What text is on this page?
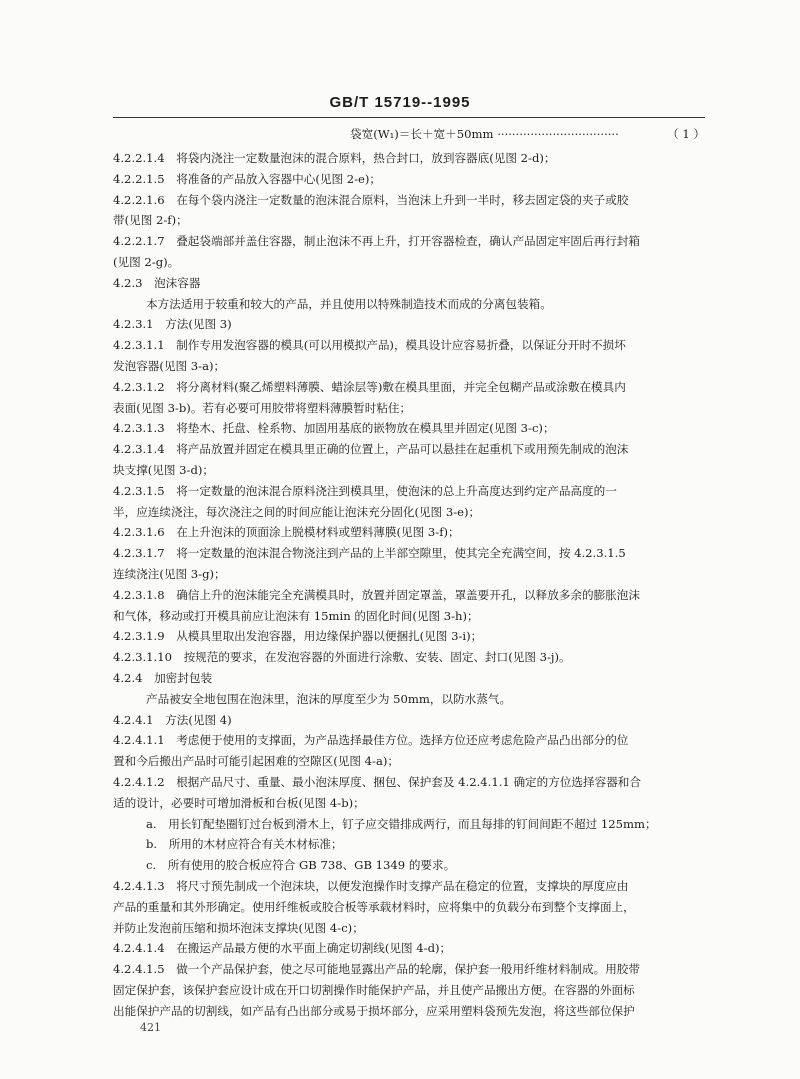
GB/T 15719--1995
袋宽(W₁)＝长＋宽＋50mm ·································	（ 1 ）
4.2.2.1.4　将袋内浇注一定数量泡沫的混合原料，热合封口，放到容器底(见图 2-d)；
4.2.2.1.5　将准备的产品放入容器中心(见图 2-e)；
4.2.2.1.6　在每个袋内浇注一定数量的泡沫混合原料，当泡沫上升到一半时，移去固定袋的夹子或胶
带(见图 2-f)；
4.2.2.1.7　叠起袋端部并盖住容器，制止泡沫不再上升，打开容器检查，确认产品固定牢固后再行封箱
(见图 2-g)。
4.2.3　泡沫容器
本方法适用于较重和较大的产品，并且使用以特殊制造技术而成的分离包装箱。
4.2.3.1　方法(见图 3)
4.2.3.1.1　制作专用发泡容器的模具(可以用模拟产品)，模具设计应容易折叠，以保证分开时不损坏
发泡容器(见图 3-a)；
4.2.3.1.2　将分离材料(聚乙烯塑料薄膜、蜡涂层等)敷在模具里面，并完全包糊产品或涂敷在模具内
表面(见图 3-b)。若有必要可用胶带将塑料薄膜暂时粘住；
4.2.3.1.3　将垫木、托盘、栓系物、加固用基底的嵌物放在模具里并固定(见图 3-c)；
4.2.3.1.4　将产品放置并固定在模具里正确的位置上，产品可以悬挂在起重机下或用预先制成的泡沫
块支撑(见图 3-d)；
4.2.3.1.5　将一定数量的泡沫混合原料浇注到模具里，使泡沫的总上升高度达到约定产品高度的一
半，应连续浇注，每次浇注之间的时间应能让泡沫充分固化(见图 3-e)；
4.2.3.1.6　在上升泡沫的顶面涂上脱模材料或塑料薄膜(见图 3-f)；
4.2.3.1.7　将一定数量的泡沫混合物浇注到产品的上半部空隙里，使其完全充满空间，按 4.2.3.1.5
连续浇注(见图 3-g)；
4.2.3.1.8　确信上升的泡沫能完全充满模具时，放置并固定罩盖，罩盖要开孔，以释放多余的膨胀泡沫
和气体，移动或打开模具前应让泡沫有 15min 的固化时间(见图 3-h)；
4.2.3.1.9　从模具里取出发泡容器，用边缘保护器以便捆扎(见图 3-i)；
4.2.3.1.10　按规范的要求，在发泡容器的外面进行涂敷、安装、固定、封口(见图 3-j)。
4.2.4　加密封包装
产品被安全地包围在泡沫里，泡沫的厚度至少为 50mm，以防水蒸气。
4.2.4.1　方法(见图 4)
4.2.4.1.1　考虑便于使用的支撑面，为产品选择最佳方位。选择方位还应考虑危险产品凸出部分的位
置和今后搬出产品时可能引起困难的空隙区(见图 4-a)；
4.2.4.1.2　根据产品尺寸、重量、最小泡沫厚度、捆包、保护套及 4.2.4.1.1 确定的方位选择容器和合
适的设计，必要时可增加滑板和台板(见图 4-b)；
a.　用长钉配垫圈钉过台板到滑木上，钉子应交错排成两行，而且每排的钉间间距不超过 125mm；
b.　所用的木材应符合有关木材标准；
c.　所有使用的胶合板应符合 GB 738、GB 1349 的要求。
4.2.4.1.3　将尺寸预先制成一个泡沫块，以便发泡操作时支撑产品在稳定的位置，支撑块的厚度应由
产品的重量和其外形确定。使用纤维板或胶合板等承载材料时，应将集中的负载分布到整个支撑面上，
并防止发泡前压缩和损坏泡沫支撑块(见图 4-c)；
4.2.4.1.4　在搬运产品最方便的水平面上确定切割线(见图 4-d)；
4.2.4.1.5　做一个产品保护套，使之尽可能地显露出产品的轮廓，保护套一般用纤维材料制成。用胶带
固定保护套，该保护套应设计成在开口切割操作时能保护产品，并且使产品搬出方便。在容器的外面标
出能保护产品的切割线，如产品有凸出部分或易于损坏部分，应采用塑料袋预先发泡，将这些部位保护
421
